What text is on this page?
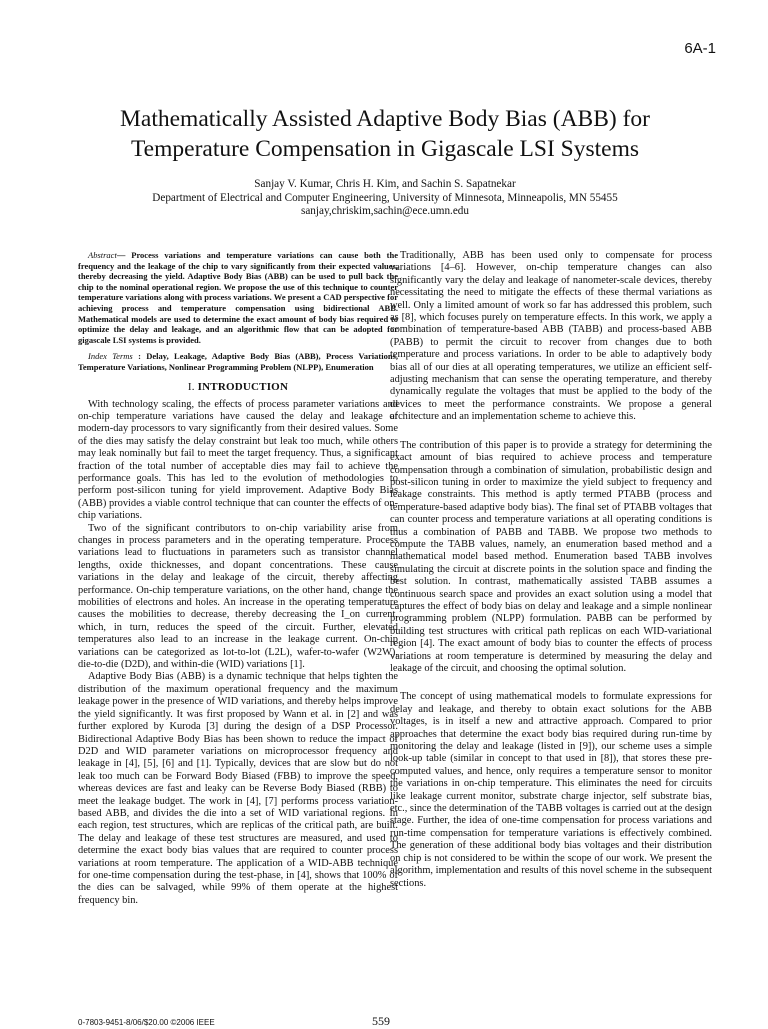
6A-1
Mathematically Assisted Adaptive Body Bias (ABB) for
Temperature Compensation in Gigascale LSI Systems
Sanjay V. Kumar, Chris H. Kim, and Sachin S. Sapatnekar
Department of Electrical and Computer Engineering, University of Minnesota, Minneapolis, MN 55455
sanjay,chriskim,sachin@ece.umn.edu

Abstract— Process variations and temperature variations can cause both the frequency and the leakage of the chip to vary significantly from their expected values, thereby decreasing the yield. Adaptive Body Bias (ABB) can be used to pull back the chip to the nominal operational region. We propose the use of this technique to counter temperature variations along with process variations. We present a CAD perspective for achieving process and temperature compensation using bidirectional ABB. Mathematical models are used to determine the exact amount of body bias required to optimize the delay and leakage, and an algorithmic flow that can be adopted for gigascale LSI systems is provided.

Index Terms : Delay, Leakage, Adaptive Body Bias (ABB), Process Variations, Temperature Variations, Nonlinear Programming Problem (NLPP), Enumeration

I. INTRODUCTION

With technology scaling, the effects of process parameter variations and on-chip temperature variations have caused the delay and leakage of modern-day processors to vary significantly from their desired values. Some of the dies may satisfy the delay constraint but leak too much, while others may leak nominally but fail to meet the target frequency. Thus, a significant fraction of the total number of acceptable dies may fail to achieve the performance goals. This has led to the evolution of methodologies to perform post-silicon tuning for yield improvement. Adaptive Body Bias (ABB) provides a viable control technique that can counter the effects of on-chip variations.

Two of the significant contributors to on-chip variability arise from changes in process parameters and in the operating temperature. Process variations lead to fluctuations in parameters such as transistor channel lengths, oxide thicknesses, and dopant concentrations. These cause variations in the delay and leakage of the circuit, thereby affecting performance. On-chip temperature variations, on the other hand, change the mobilities of electrons and holes. An increase in the operating temperature causes the mobilities to decrease, thereby decreasing the I_on current, which, in turn, reduces the speed of the circuit. Further, elevated temperatures also lead to an increase in the leakage current. On-chip variations can be categorized as lot-to-lot (L2L), wafer-to-wafer (W2W), die-to-die (D2D), and within-die (WID) variations [1].

Adaptive Body Bias (ABB) is a dynamic technique that helps tighten the distribution of the maximum operational frequency and the maximum leakage power in the presence of WID variations, and thereby helps improve the yield significantly. It was first proposed by Wann et al. in [2] and was further explored by Kuroda [3] during the design of a DSP Processor. Bidirectional Adaptive Body Bias has been shown to reduce the impact of D2D and WID parameter variations on microprocessor frequency and leakage in [4], [5], [6] and [1]. Typically, devices that are slow but do not leak too much can be Forward Body Biased (FBB) to improve the speed, whereas devices are fast and leaky can be Reverse Body Biased (RBB) to meet the leakage budget. The work in [4], [7] performs process variation-based ABB, and divides the die into a set of WID variational regions. In each region, test structures, which are replicas of the critical path, are built. The delay and leakage of these test structures are measured, and used to determine the exact body bias values that are required to counter process variations at room temperature. The application of a WID-ABB technique for one-time compensation during the test-phase, in [4], shows that 100% of the dies can be salvaged, while 99% of them operate at the highest frequency bin.

Traditionally, ABB has been used only to compensate for process variations [4–6]. However, on-chip temperature changes can also significantly vary the delay and leakage of nanometer-scale devices, thereby necessitating the need to mitigate the effects of these thermal variations as well. Only a limited amount of work so far has addressed this problem, such as [8], which focuses purely on temperature effects. In this work, we apply a combination of temperature-based ABB (TABB) and process-based ABB (PABB) to permit the circuit to recover from changes due to both temperature and process variations. In order to be able to adaptively body bias all of our dies at all operating temperatures, we utilize an efficient self-adjusting mechanism that can sense the operating temperature, and thereby dynamically regulate the voltages that must be applied to the body of the devices to meet the performance constraints. We propose a general architecture and an implementation scheme to achieve this.

The contribution of this paper is to provide a strategy for determining the exact amount of bias required to achieve process and temperature compensation through a combination of simulation, probabilistic design and post-silicon tuning in order to maximize the yield subject to frequency and leakage constraints. This method is aptly termed PTABB (process and temperature-based adaptive body bias). The final set of PTABB voltages that can counter process and temperature variations at all operating conditions is thus a combination of PABB and TABB. We propose two methods to compute the TABB values, namely, an enumeration based method and a mathematical model based method. Enumeration based TABB involves simulating the circuit at discrete points in the solution space and finding the best solution. In contrast, mathematically assisted TABB assumes a continuous search space and provides an exact solution using a model that captures the effect of body bias on delay and leakage and a simple nonlinear programming problem (NLPP) formulation. PABB can be performed by building test structures with critical path replicas on each WID-variational region [4]. The exact amount of body bias to counter the effects of process variations at room temperature is determined by measuring the delay and leakage of the circuit, and choosing the optimal solution.

The concept of using mathematical models to formulate expressions for delay and leakage, and thereby to obtain exact solutions for the ABB voltages, is in itself a new and attractive approach. Compared to prior approaches that determine the exact body bias required during run-time by monitoring the delay and leakage (listed in [9]), our scheme uses a simple look-up table (similar in concept to that used in [8]), that stores these pre-computed values, and hence, only requires a temperature sensor to monitor the variations in on-chip temperature. This eliminates the need for circuits like leakage current monitor, substrate charge injector, self substrate bias, etc., since the determination of the TABB voltages is carried out at the design stage. Further, the idea of one-time compensation for process variations and run-time compensation for temperature variations is effectively combined. The generation of these additional body bias voltages and their distribution on chip is not considered to be within the scope of our work. We present the algorithm, implementation and results of this novel scheme in the subsequent sections.

0-7803-9451-8/06/$20.00 ©2006 IEEE	559
